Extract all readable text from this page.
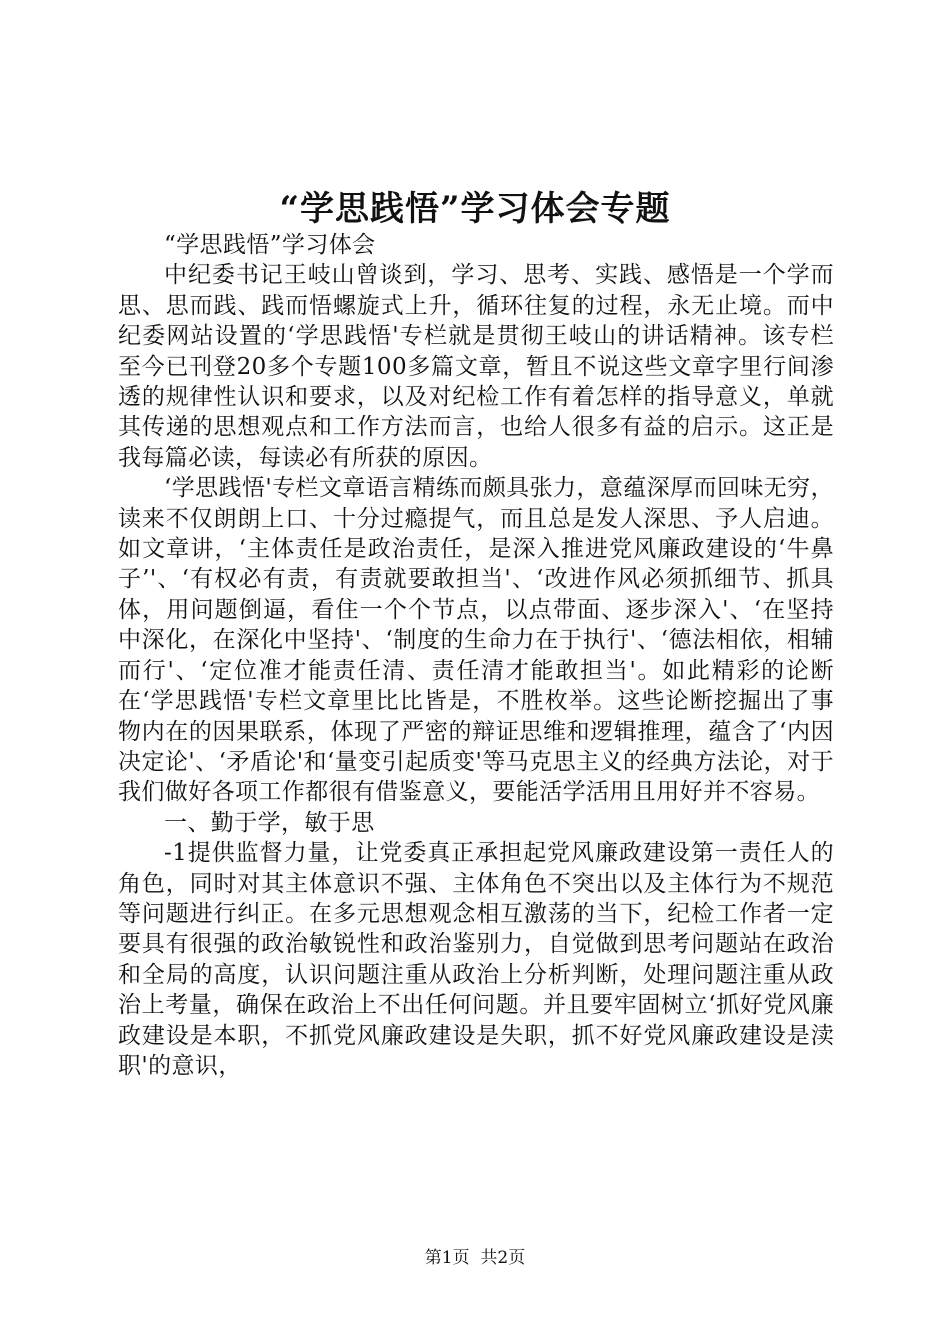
“学思践悟”学习体会专题

“学思践悟”学习体会

中纪委书记王岐山曾谈到，学习、思考、实践、感悟是一个学而思、思而践、践而悟螺旋式上升，循环往复的过程，永无止境。而中纪委网站设置的‘学思践悟'专栏就是贯彻王岐山的讲话精神。该专栏至今已刊登20多个专题100多篇文章，暂且不说这些文章字里行间渗透的规律性认识和要求，以及对纪检工作有着怎样的指导意义，单就其传递的思想观点和工作方法而言，也给人很多有益的启示。这正是我每篇必读，每读必有所获的原因。

‘学思践悟'专栏文章语言精练而颇具张力，意蕴深厚而回味无穷，读来不仅朗朗上口、十分过瘾提气，而且总是发人深思、予人启迪。如文章讲，‘主体责任是政治责任，是深入推进党风廉政建设的‘牛鼻子’'、‘有权必有责，有责就要敢担当'、‘改进作风必须抓细节、抓具体，用问题倒逼，看住一个个节点，以点带面、逐步深入'、‘在坚持中深化，在深化中坚持'、‘制度的生命力在于执行'、‘德法相依，相辅而行'、‘定位准才能责任清、责任清才能敢担当'。如此精彩的论断在‘学思践悟'专栏文章里比比皆是，不胜枚举。这些论断挖掘出了事物内在的因果联系，体现了严密的辩证思维和逻辑推理，蕴含了‘内因决定论'、‘矛盾论'和‘量变引起质变'等马克思主义的经典方法论，对于我们做好各项工作都很有借鉴意义，要能活学活用且用好并不容易。

一、勤于学，敏于思

-1提供监督力量，让党委真正承担起党风廉政建设第一责任人的角色，同时对其主体意识不强、主体角色不突出以及主体行为不规范等问题进行纠正。在多元思想观念相互激荡的当下，纪检工作者一定要具有很强的政治敏锐性和政治鉴别力，自觉做到思考问题站在政治和全局的高度，认识问题注重从政治上分析判断，处理问题注重从政治上考量，确保在政治上不出任何问题。并且要牢固树立‘抓好党风廉政建设是本职，不抓党风廉政建设是失职，抓不好党风廉政建设是渎职'的意识，

第1页  共2页
